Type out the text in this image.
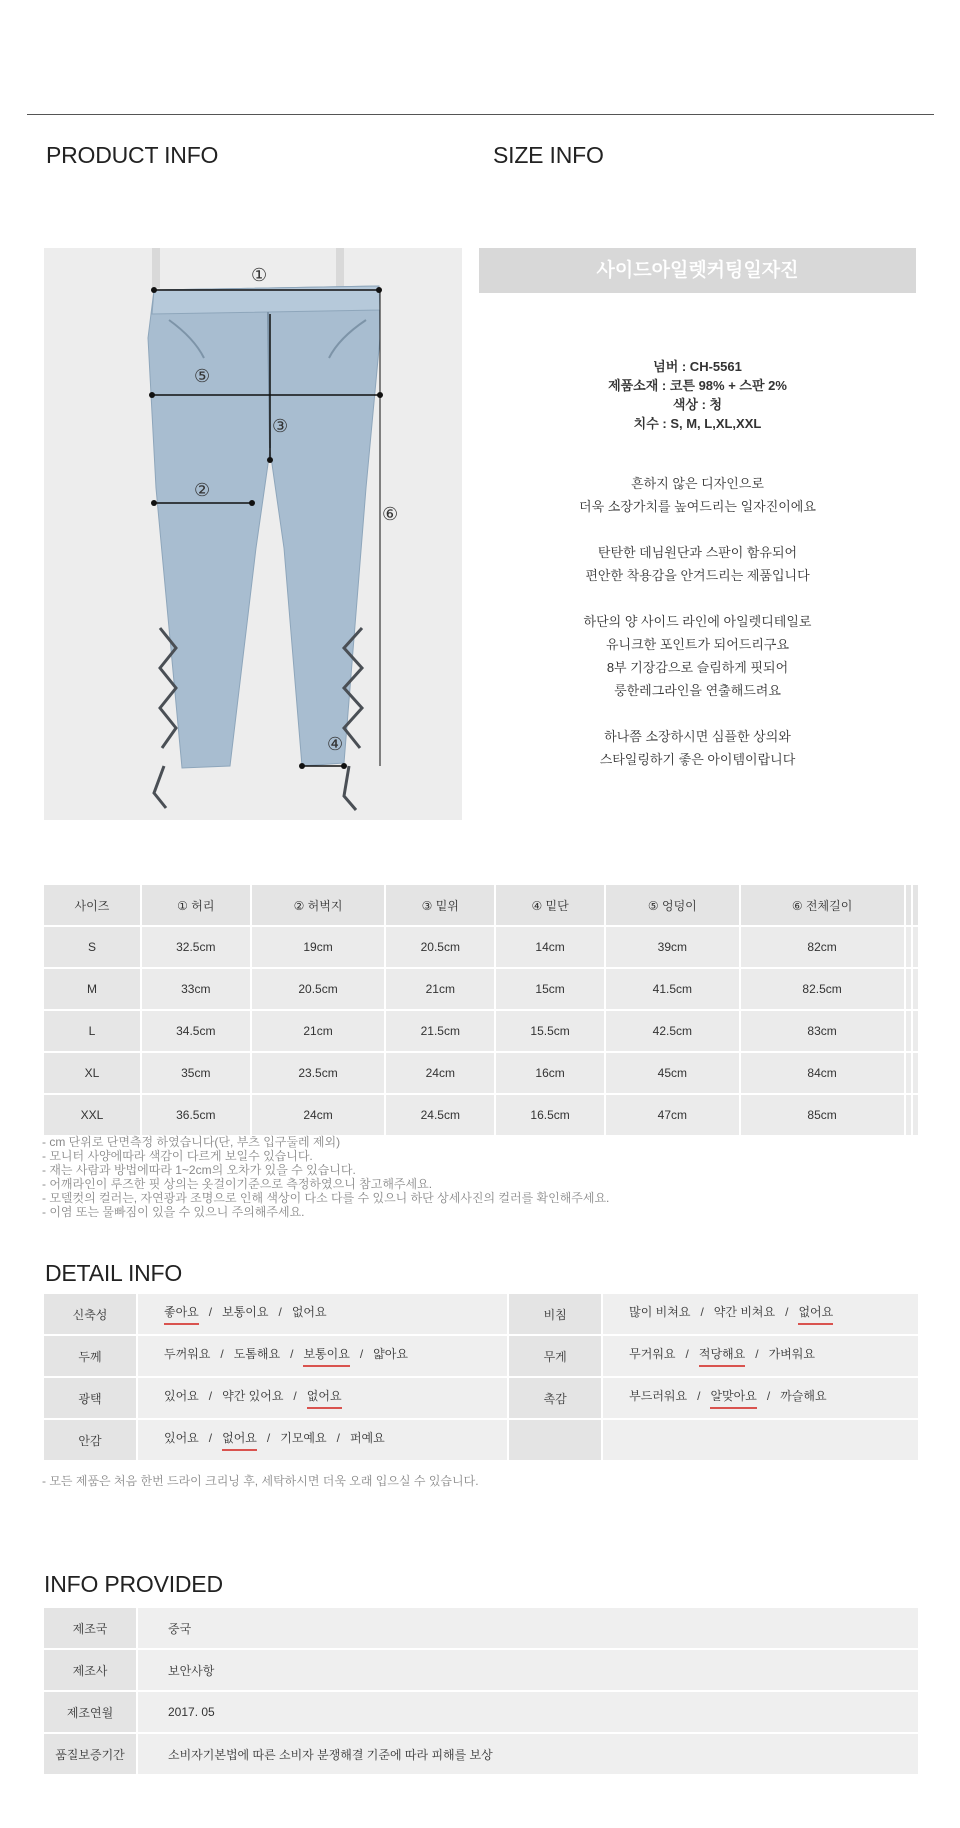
PRODUCT INFO	SIZE INFO
①
②
③
④
⑤
⑥
사이드아일렛커팅일자진
넘버 : CH-5561
제품소재 : 코튼 98% + 스판 2%
색상 : 청
치수 : S, M, L,XL,XXL
흔하지 않은 디자인으로
더욱 소장가치를 높여드리는 일자진이에요
탄탄한 데님원단과 스판이 함유되어
편안한 착용감을 안겨드리는 제품입니다
하단의 양 사이드 라인에 아일렛디테일로
유니크한 포인트가 되어드리구요
8부 기장감으로 슬림하게 핏되어
룽한레그라인을 연출해드려요
하나쯤 소장하시면 심플한 상의와
스타일링하기 좋은 아이템이랍니다
사이즈	① 허리	② 허벅지	③ 밑위	④ 밑단	⑤ 엉덩이	⑥ 전체길이		
S	32.5cm	19cm	20.5cm	14cm	39cm	82cm		
M	33cm	20.5cm	21cm	15cm	41.5cm	82.5cm		
L	34.5cm	21cm	21.5cm	15.5cm	42.5cm	83cm		
XL	35cm	23.5cm	24cm	16cm	45cm	84cm		
XXL	36.5cm	24cm	24.5cm	16.5cm	47cm	85cm		
- cm 단위로 단면측정 하였습니다(단, 부츠 입구둘레 제외)
- 모니터 사양에따라 색감이 다르게 보일수 있습니다.
- 재는 사람과 방법에따라 1~2cm의 오차가 있을 수 있습니다.
- 어깨라인이 루즈한 핏 상의는 옷걸이기준으로 측정하였으니 참고해주세요.
- 모델컷의 컬러는, 자연광과 조명으로 인해 색상이 다소 다를 수 있으니 하단 상세사진의 컬러를 확인해주세요.
- 이염 또는 물빠짐이 있을 수 있으니 주의해주세요.
DETAIL INFO
신축성	좋아요 / 보통이요 / 없어요	비침	많이 비쳐요 / 약간 비쳐요 / 없어요
두께	두꺼워요 / 도톰해요 / 보통이요 / 얇아요	무게	무거워요 / 적당해요 / 가벼워요
광택	있어요 / 약간 있어요 / 없어요	촉감	부드러워요 / 알맞아요 / 까슬해요
안감	있어요 / 없어요 / 기모예요 / 퍼예요		
- 모든 제품은 처음 한번 드라이 크리닝 후, 세탁하시면 더욱 오래 입으실 수 있습니다.
INFO PROVIDED
제조국	중국
제조사	보안사항
제조연월	2017. 05
품질보증기간	소비자기본법에 따른 소비자 분쟁해결 기준에 따라 피해를 보상
